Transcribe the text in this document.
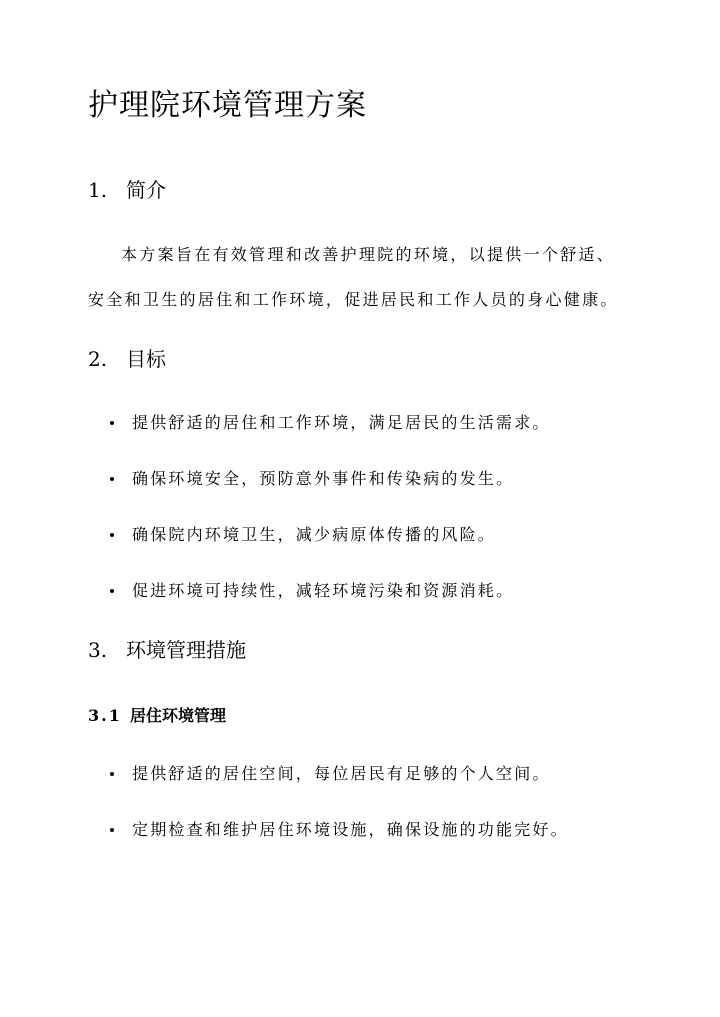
护理院环境管理方案
1. 简介
本方案旨在有效管理和改善护理院的环境，以提供一个舒适、
安全和卫生的居住和工作环境，促进居民和工作人员的身心健康。
2. 目标
提供舒适的居住和工作环境，满足居民的生活需求。
确保环境安全，预防意外事件和传染病的发生。
确保院内环境卫生，减少病原体传播的风险。
促进环境可持续性，减轻环境污染和资源消耗。
3. 环境管理措施
3.1 居住环境管理
提供舒适的居住空间，每位居民有足够的个人空间。
定期检查和维护居住环境设施，确保设施的功能完好。
